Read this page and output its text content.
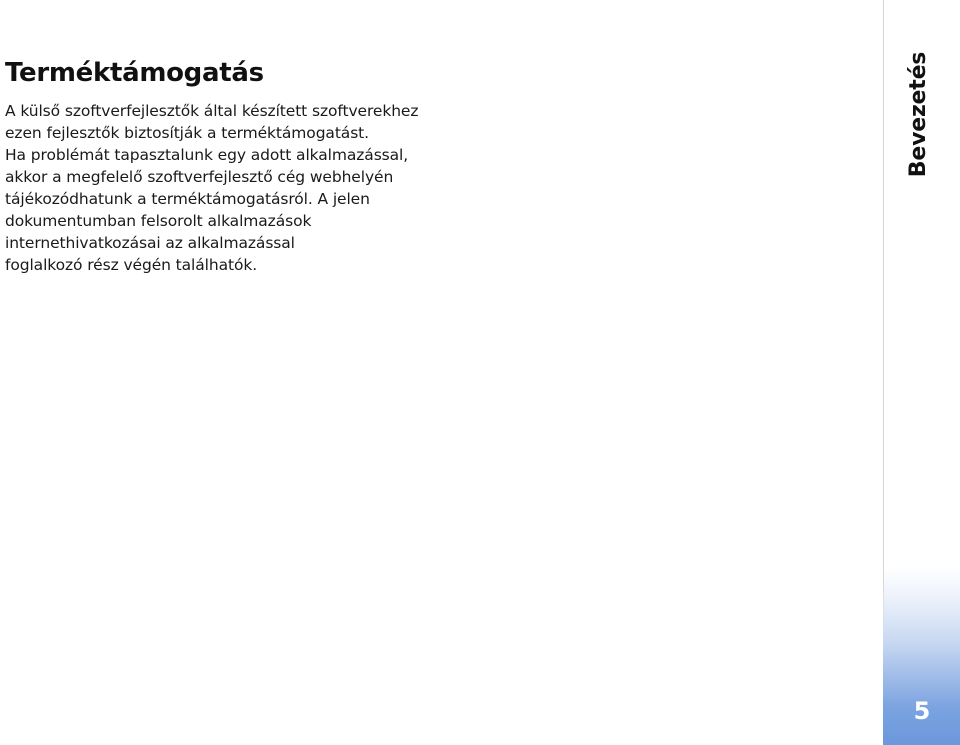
Terméktámogatás

A külső szoftverfejlesztők által készített szoftverekhez

ezen fejlesztők biztosítják a terméktámogatást.

Ha problémát tapasztalunk egy adott alkalmazással,

akkor a megfelelő szoftverfejlesztő cég webhelyén

tájékozódhatunk a terméktámogatásról. A jelen

dokumentumban felsorolt alkalmazások

internethivatkozásai az alkalmazással

foglalkozó rész végén találhatók.

Bevezetés
5
